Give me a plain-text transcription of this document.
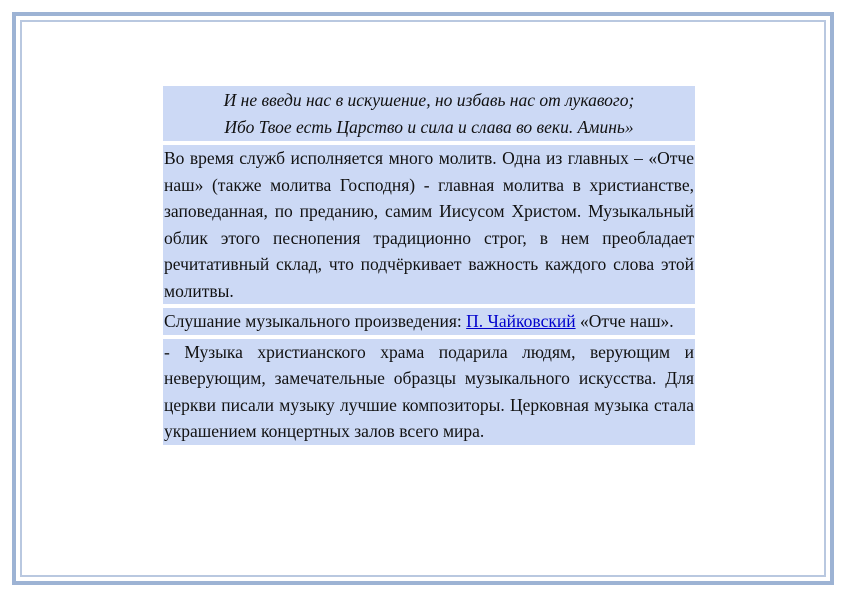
И не введи нас в искушение, но избавь нас от лукавого;
Ибо Твое есть Царство и сила и слава во веки. Аминь»
Во время служб исполняется много молитв. Одна из главных – «Отче наш» (также молитва Господня) - главная молитва в христианстве, заповеданная, по преданию, самим Иисусом Христом. Музыкальный облик этого песнопения традиционно строг, в нем преобладает речитативный склад, что подчёркивает важность каждого слова этой молитвы.
Слушание музыкального произведения: П. Чайковский «Отче наш».
- Музыка христианского храма подарила людям, верующим и неверующим, замечательные образцы музыкального искусства. Для церкви писали музыку лучшие композиторы. Церковная музыка стала украшением концертных залов всего мира.
